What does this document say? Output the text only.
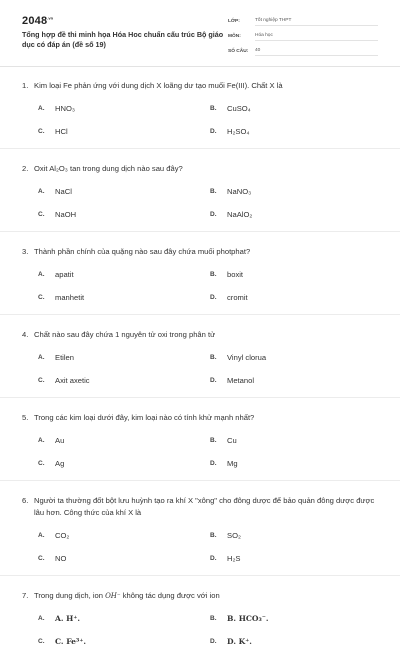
$2048^{.vn}$
Tổng hợp đề thi minh họa Hóa Hoc chuẩn cấu trúc Bộ giáo dục có đáp án (đề số 19)
LỚP:	Tốt nghiệp THPT
MÔN:	Hóa học
SỐ CÂU:	40
1. Kim loại Fe phản ứng với dung dịch X loãng dư tạo muối Fe(III). Chất X là
A.	HNO₃	B.	CuSO₄
C.	HCl	D.	H₂SO₄
2. Oxit Al₂O₃ tan trong dung dịch nào sau đây?
A.	NaCl	B.	NaNO₃
C.	NaOH	D.	NaAlO₂
3. Thành phần chính của quặng nào sau đây chứa muối photphat?
A.	apatit	B.	boxit
C.	manhetit	D.	cromit
4. Chất nào sau đây chứa 1 nguyên tử oxi trong phân tử
A.	Etilen	B.	Vinyl clorua
C.	Axit axetic	D.	Metanol
5. Trong các kim loại dưới đây, kim loại nào có tính khử mạnh nhất?
A.	Au	B.	Cu
C.	Ag	D.	Mg
6. Người ta thường đốt bột lưu huỳnh tạo ra khí X "xông" cho đông dược để bảo quản đông dược được lâu hơn. Công thức của khí X là
A.	CO₂	B.	SO₂
C.	NO	D.	H₂S
7. Trong dung dịch, ion OH⁻ không tác dụng được với ion
A.	A. H⁺.	B.	B. HCO₃⁻.
C.	C. Fe³⁺.	D.	D. K⁺.
